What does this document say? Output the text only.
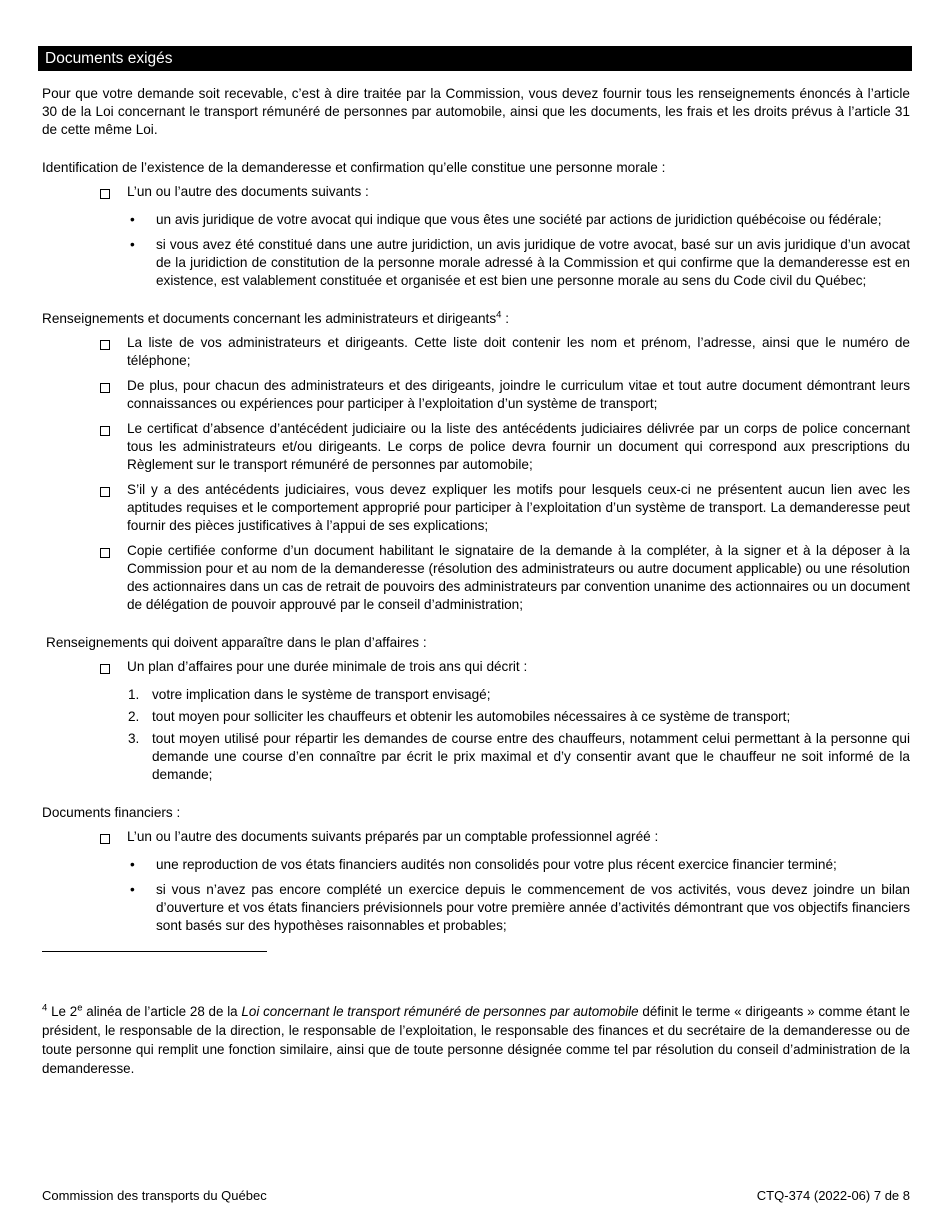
Documents exigés

Pour que votre demande soit recevable, c’est à dire traitée par la Commission, vous devez fournir tous les renseignements énoncés à l’article 30 de la Loi concernant le transport rémunéré de personnes par automobile, ainsi que les documents, les frais et les droits prévus à l’article 31 de cette même Loi.

Identification de l’existence de la demanderesse et confirmation qu’elle constitue une personne morale :

L’un ou l’autre des documents suivants :
•	un avis juridique de votre avocat qui indique que vous êtes une société par actions de juridiction québécoise ou fédérale;
•	si vous avez été constitué dans une autre juridiction, un avis juridique de votre avocat, basé sur un avis juridique d’un avocat de la juridiction de constitution de la personne morale adressé à la Commission et qui confirme que la demanderesse est en existence, est valablement constituée et organisée et est bien une personne morale au sens du Code civil du Québec;

Renseignements et documents concernant les administrateurs et dirigeants$^4$ :

La liste de vos administrateurs et dirigeants. Cette liste doit contenir les nom et prénom, l’adresse, ainsi que le numéro de téléphone;
De plus, pour chacun des administrateurs et des dirigeants, joindre le curriculum vitae et tout autre document démontrant leurs connaissances ou expériences pour participer à l’exploitation d’un système de transport;
Le certificat d’absence d’antécédent judiciaire ou la liste des antécédents judiciaires délivrée par un corps de police concernant tous les administrateurs et/ou dirigeants. Le corps de police devra fournir un document qui correspond aux prescriptions du Règlement sur le transport rémunéré de personnes par automobile;
S’il y a des antécédents judiciaires, vous devez expliquer les motifs pour lesquels ceux-ci ne présentent aucun lien avec les aptitudes requises et le comportement approprié pour participer à l’exploitation d’un système de transport. La demanderesse peut fournir des pièces justificatives à l’appui de ses explications;
Copie certifiée conforme d’un document habilitant le signataire de la demande à la compléter, à la signer et à la déposer à la Commission pour et au nom de la demanderesse (résolution des administrateurs ou autre document applicable) ou une résolution des actionnaires dans un cas de retrait de pouvoirs des administrateurs par convention unanime des actionnaires ou un document de délégation de pouvoir approuvé par le conseil d’administration;

Renseignements qui doivent apparaître dans le plan d’affaires :

Un plan d’affaires pour une durée minimale de trois ans qui décrit :
1. votre implication dans le système de transport envisagé;
2. tout moyen pour solliciter les chauffeurs et obtenir les automobiles nécessaires à ce système de transport;
3. tout moyen utilisé pour répartir les demandes de course entre des chauffeurs, notamment celui permettant à la personne qui demande une course d’en connaître par écrit le prix maximal et d’y consentir avant que le chauffeur ne soit informé de la demande;

Documents financiers :

L’un ou l’autre des documents suivants préparés par un comptable professionnel agréé :
•	une reproduction de vos états financiers audités non consolidés pour votre plus récent exercice financier terminé;
•	si vous n’avez pas encore complété un exercice depuis le commencement de vos activités, vous devez joindre un bilan d’ouverture et vos états financiers prévisionnels pour votre première année d’activités démontrant que vos objectifs financiers sont basés sur des hypothèses raisonnables et probables;

$^4$ Le 2e alinéa de l’article 28 de la Loi concernant le transport rémunéré de personnes par automobile définit le terme « dirigeants » comme étant le président, le responsable de la direction, le responsable de l’exploitation, le responsable des finances et du secrétaire de la demanderesse ou de toute personne qui remplit une fonction similaire, ainsi que de toute personne désignée comme tel par résolution du conseil d’administration de la demanderesse.

Commission des transports du Québec	CTQ-374 (2022-06) 7 de 8
